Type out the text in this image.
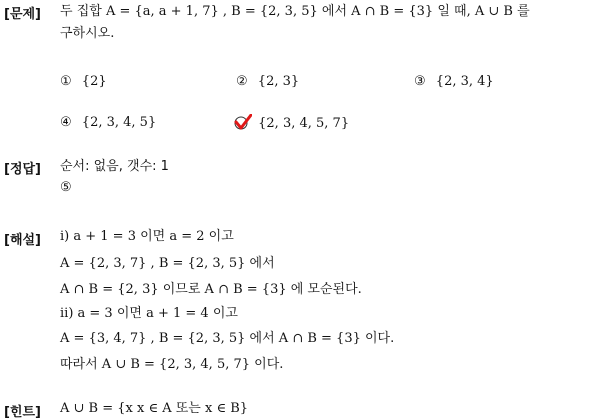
[문제] 두 집합 A = {a, a + 1, 7} , B = {2, 3, 5} 에서 A ∩ B = {3} 일 때, A ∪ B 를
구하시오.
① {2}	② {2, 3}	③ {2, 3, 4}
④ {2, 3, 4, 5}	{2, 3, 4, 5, 7}
[정답] 순서: 없음, 갯수: 1
⑤
[해설] ⅰ) a + 1 = 3 이면 a = 2 이고
A = {2, 3, 7} , B = {2, 3, 5} 에서
A ∩ B = {2, 3} 이므로 A ∩ B = {3} 에 모순된다.
ⅱ) a = 3 이면 a + 1 = 4 이고
A = {3, 4, 7} , B = {2, 3, 5} 에서 A ∩ B = {3} 이다.
따라서 A ∪ B = {2, 3, 4, 5, 7} 이다.
[힌트] A ∪ B = {x x ∈ A 또는 x ∈ B}
